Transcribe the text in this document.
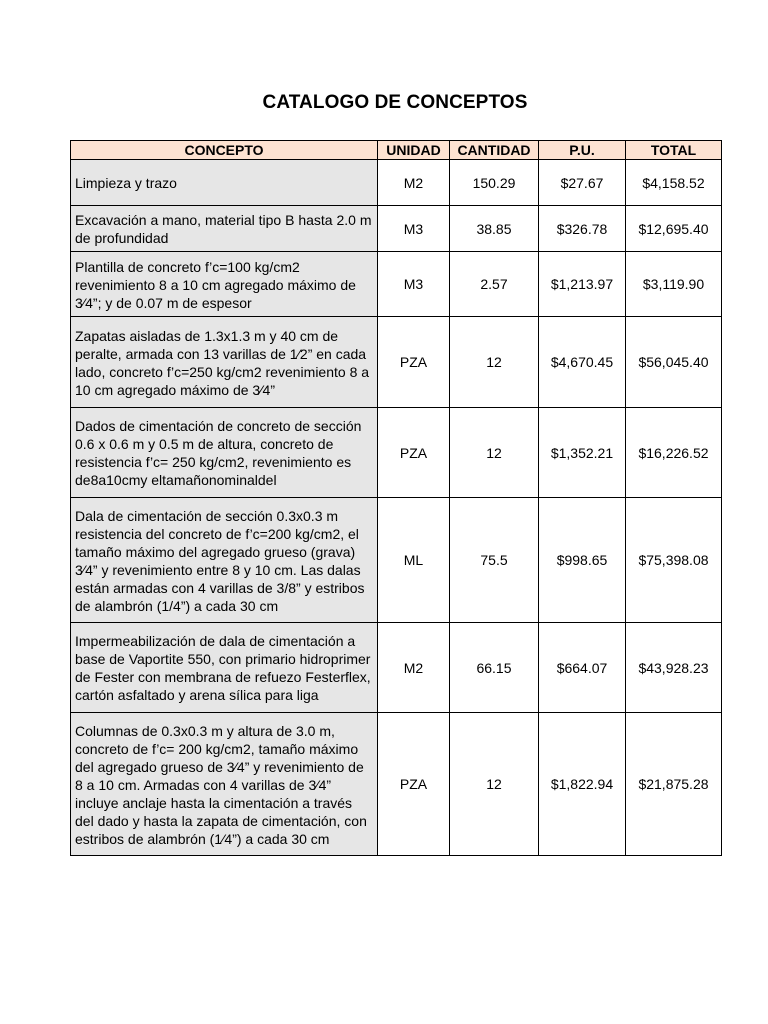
CATALOGO DE CONCEPTOS
CONCEPTO	UNIDAD	CANTIDAD	P.U.	TOTAL
Limpieza y trazo	M2	150.29	$27.67	$4,158.52
Excavación a mano, material tipo B hasta 2.0 m de profundidad	M3	38.85	$326.78	$12,695.40
Plantilla de concreto f’c=100 kg/cm2 revenimiento 8 a 10 cm agregado máximo de 3⁄4”; y de 0.07 m de espesor	M3	2.57	$1,213.97	$3,119.90
Zapatas aisladas de 1.3x1.3 m y 40 cm de peralte, armada con 13 varillas de 1⁄2” en cada lado, concreto f’c=250 kg/cm2 revenimiento 8 a 10 cm agregado máximo de 3⁄4”	PZA	12	$4,670.45	$56,045.40
Dados de cimentación de concreto de sección 0.6 x 0.6 m y 0.5 m de altura, concreto de resistencia f’c= 250 kg/cm2, revenimiento es de8a10cmy eltamañonominaldel	PZA	12	$1,352.21	$16,226.52
Dala de cimentación de sección 0.3x0.3 m resistencia del concreto de f’c=200 kg/cm2, el tamaño máximo del agregado grueso (grava) 3⁄4” y revenimiento entre 8 y 10 cm. Las dalas están armadas con 4 varillas de 3/8” y estribos de alambrón (1/4”) a cada 30 cm	ML	75.5	$998.65	$75,398.08
Impermeabilización de dala de cimentación a base de Vaportite 550, con primario hidroprimer de Fester con membrana de refuezo Festerflex, cartón asfaltado y arena sílica para liga	M2	66.15	$664.07	$43,928.23
Columnas de 0.3x0.3 m y altura de 3.0 m, concreto de f’c= 200 kg/cm2, tamaño máximo del agregado grueso de 3⁄4” y revenimiento de 8 a 10 cm. Armadas con 4 varillas de 3⁄4” incluye anclaje hasta la cimentación a través del dado y hasta la zapata de cimentación, con estribos de alambrón (1⁄4”) a cada 30 cm	PZA	12	$1,822.94	$21,875.28
